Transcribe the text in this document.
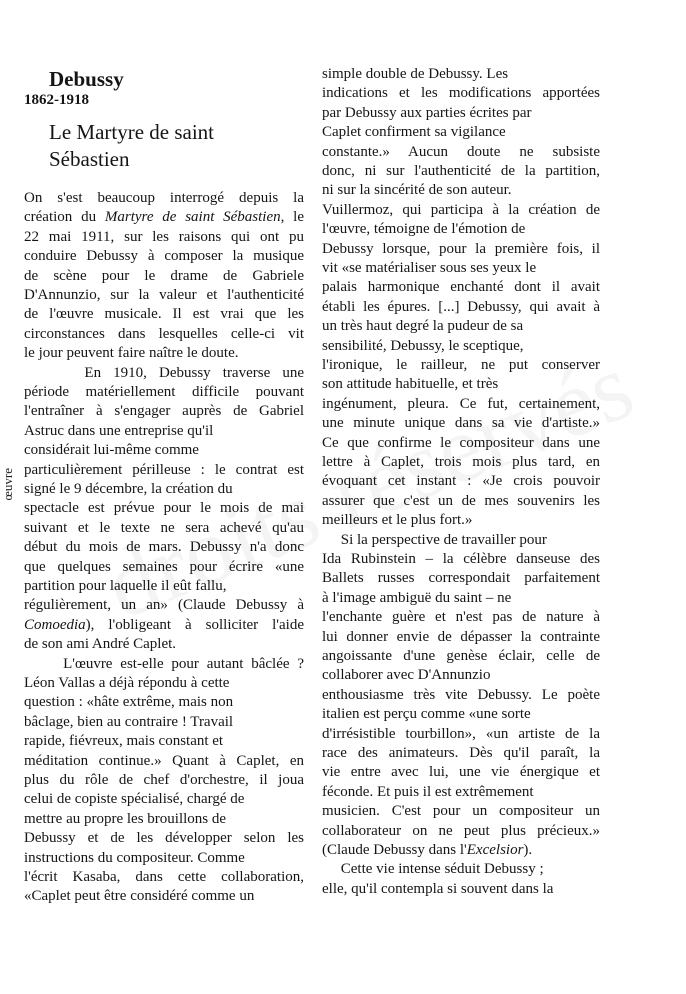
œuvre
Debussy
1862-1918
Le Martyre de saint
Sébastien
On s'est beaucoup interrogé depuis la
création du Martyre de saint Sébastien, le
22 mai 1911, sur les raisons qui ont pu
conduire Debussy à composer la musique
de scène pour le drame de Gabriele
D'Annunzio, sur la valeur et l'authenticité
de l'œuvre musicale. Il est vrai que les
circonstances dans lesquelles celle-ci vit
le jour peuvent faire naître le doute.
En 1910, Debussy traverse une
période matériellement difficile pouvant
l'entraîner à s'engager auprès de Gabriel
Astruc dans une entreprise qu'il
considérait lui-même comme
particulièrement périlleuse : le contrat est
signé le 9 décembre, la création du
spectacle est prévue pour le mois de mai
suivant et le texte ne sera achevé qu'au
début du mois de mars. Debussy n'a donc
que quelques semaines pour écrire «une
partition pour laquelle il eût fallu,
régulièrement, un an» (Claude Debussy à
Comoedia), l'obligeant à solliciter l'aide
de son ami André Caplet.
L'œuvre est-elle pour autant bâclée ?
Léon Vallas a déjà répondu à cette
question : «hâte extrême, mais non
bâclage, bien au contraire ! Travail
rapide, fiévreux, mais constant et
méditation continue.» Quant à Caplet, en
plus du rôle de chef d'orchestre, il joua
celui de copiste spécialisé, chargé de
mettre au propre les brouillons de
Debussy et de les développer selon les
instructions du compositeur. Comme
l'écrit Kasaba, dans cette collaboration,
«Caplet peut être considéré comme un
simple double de Debussy. Les
indications et les modifications apportées
par Debussy aux parties écrites par
Caplet confirment sa vigilance
constante.» Aucun doute ne subsiste
donc, ni sur l'authenticité de la partition,
ni sur la sincérité de son auteur.
Vuillermoz, qui participa à la création de
l'œuvre, témoigne de l'émotion de
Debussy lorsque, pour la première fois, il
vit «se matérialiser sous ses yeux le
palais harmonique enchanté dont il avait
établi les épures. [...] Debussy, qui avait à
un très haut degré la pudeur de sa
sensibilité, Debussy, le sceptique,
l'ironique, le railleur, ne put conserver
son attitude habituelle, et très
ingénument, pleura. Ce fut, certainement,
une minute unique dans sa vie d'artiste.»
Ce que confirme le compositeur dans une
lettre à Caplet, trois mois plus tard, en
évoquant cet instant : «Je crois pouvoir
assurer que c'est un de mes souvenirs les
meilleurs et le plus fort.»
Si la perspective de travailler pour
Ida Rubinstein – la célèbre danseuse des
Ballets russes correspondait parfaitement
à l'image ambiguë du saint – ne
l'enchante guère et n'est pas de nature à
lui donner envie de dépasser la contrainte
angoissante d'une genèse éclair, celle de
collaborer avec D'Annunzio
enthousiasme très vite Debussy. Le poète
italien est perçu comme «une sorte
d'irrésistible tourbillon», «un artiste de la
race des animateurs. Dès qu'il paraît, la
vie entre avec lui, une vie énergique et
féconde. Et puis il est extrêmement
musicien. C'est pour un compositeur un
collaborateur on ne peut plus précieux.»
(Claude Debussy dans l'Excelsior).
Cette vie intense séduit Debussy ;
elle, qu'il contempla si souvent dans la
